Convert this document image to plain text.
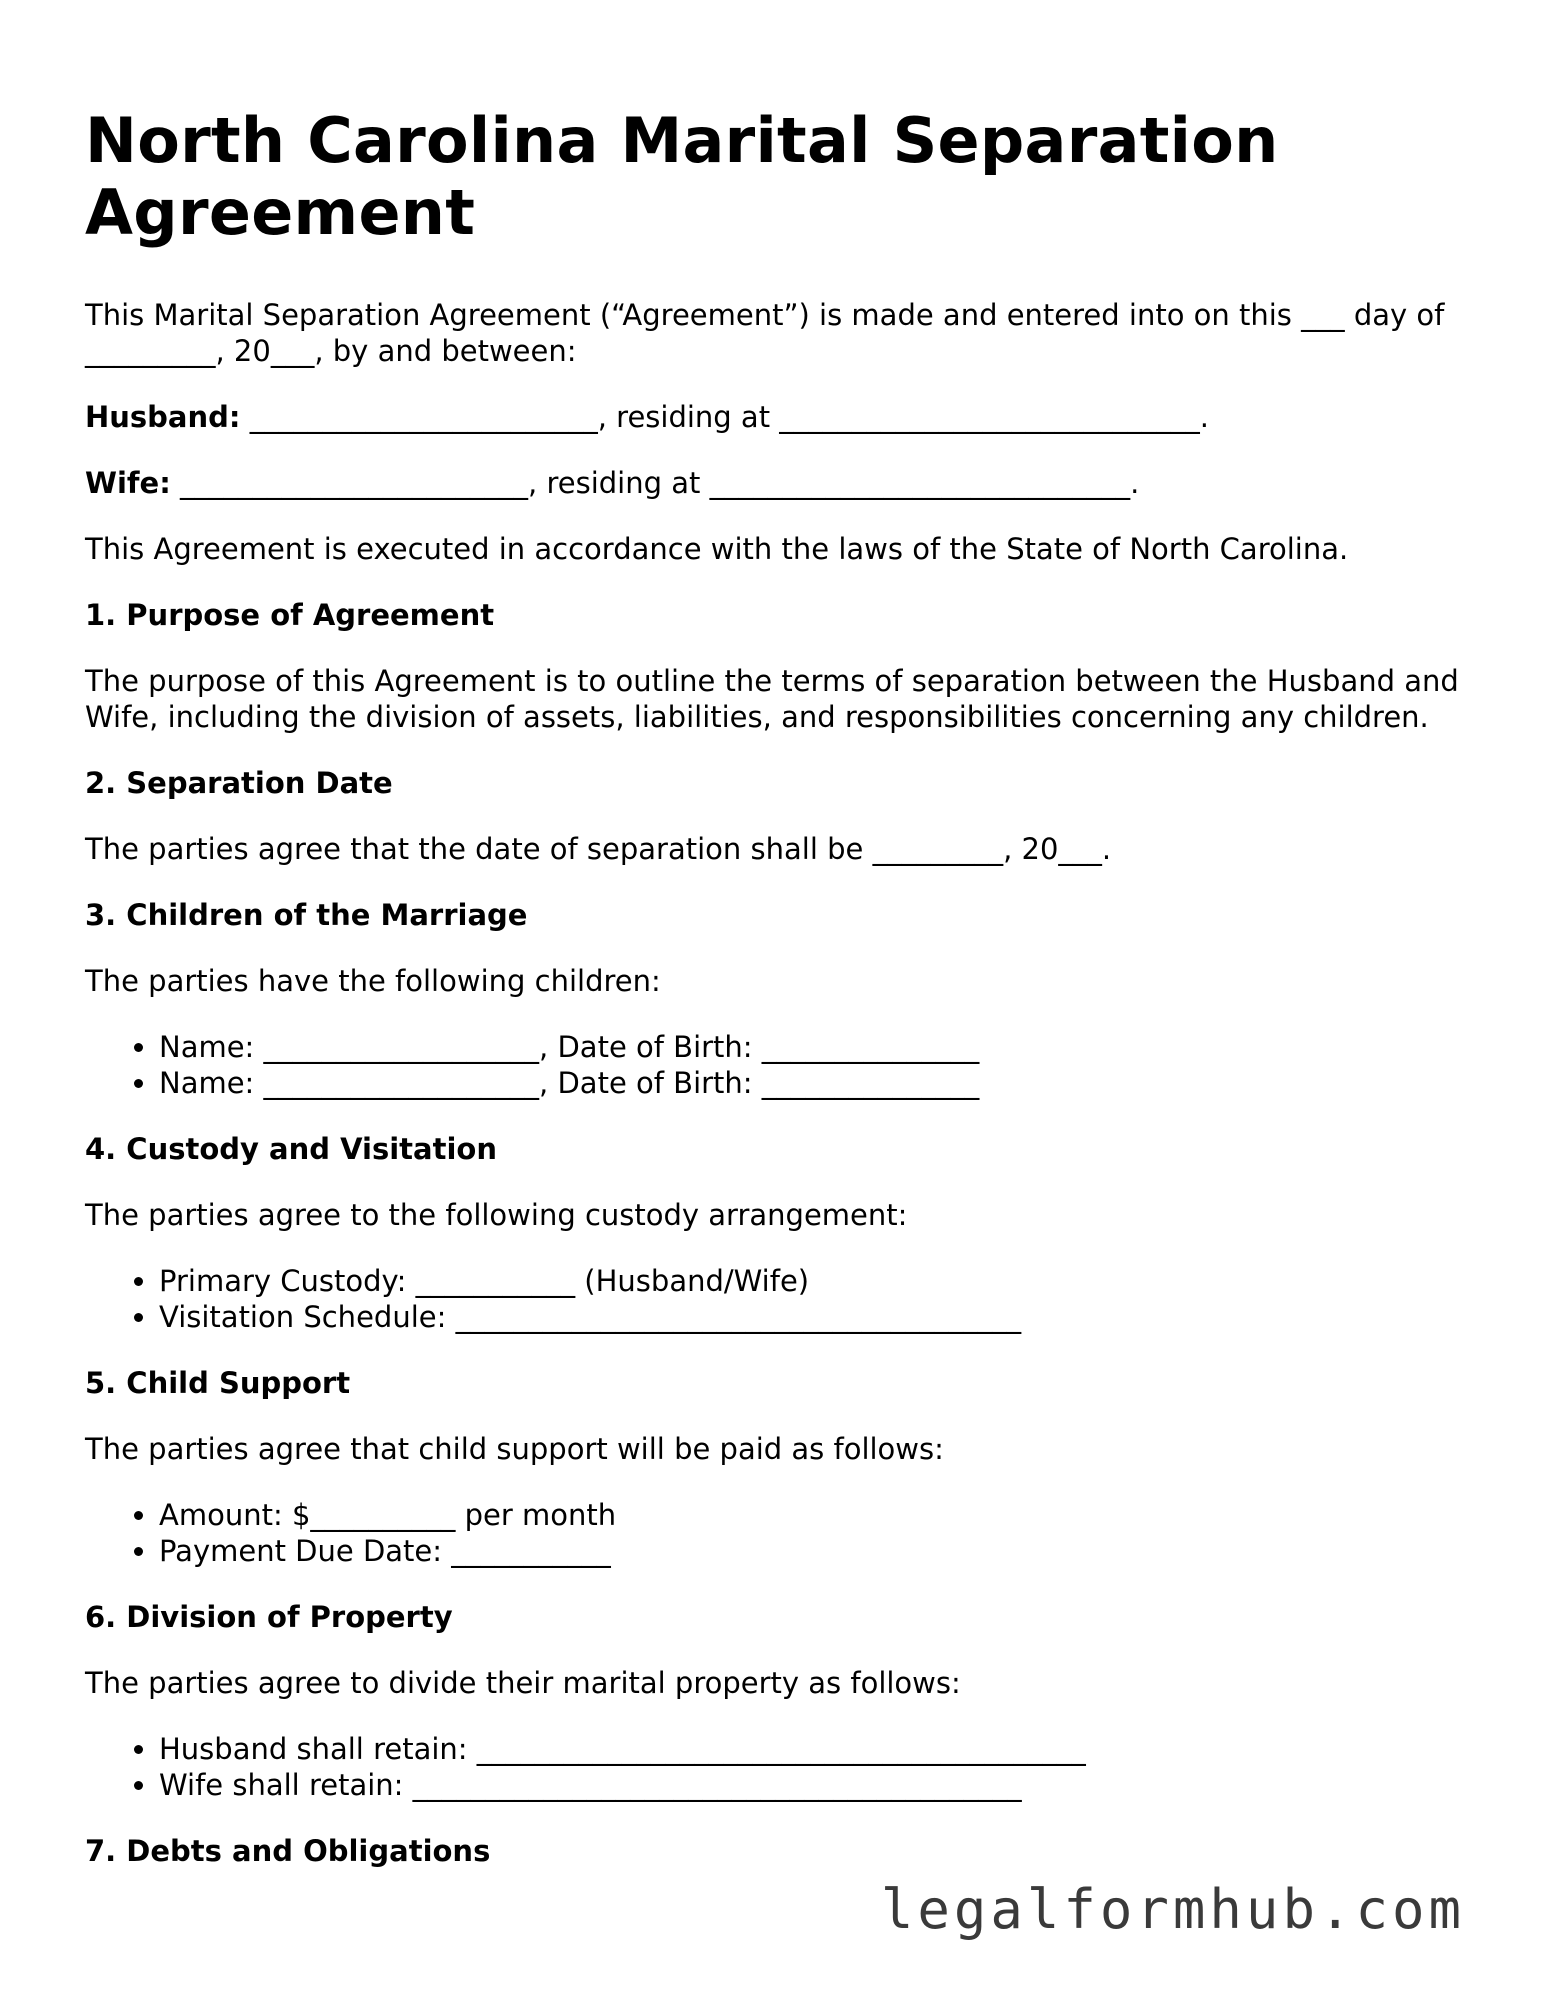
North Carolina Marital Separation Agreement

This Marital Separation Agreement (“Agreement”) is made and entered into on this ___ day of _________, 20___, by and between:

Husband: ________________________, residing at _____________________________.

Wife: ________________________, residing at _____________________________.

This Agreement is executed in accordance with the laws of the State of North Carolina.

1. Purpose of Agreement

The purpose of this Agreement is to outline the terms of separation between the Husband and Wife, including the division of assets, liabilities, and responsibilities concerning any children.

2. Separation Date

The parties agree that the date of separation shall be _________, 20___.

3. Children of the Marriage

The parties have the following children:

• Name: ___________________, Date of Birth: _______________
• Name: ___________________, Date of Birth: _______________
4. Custody and Visitation

The parties agree to the following custody arrangement:

• Primary Custody: ___________ (Husband/Wife)
• Visitation Schedule: _______________________________________
5. Child Support

The parties agree that child support will be paid as follows:

• Amount: $__________ per month
• Payment Due Date: ___________
6. Division of Property

The parties agree to divide their marital property as follows:

• Husband shall retain: __________________________________________
• Wife shall retain: __________________________________________
7. Debts and Obligations
legalformhub.com
